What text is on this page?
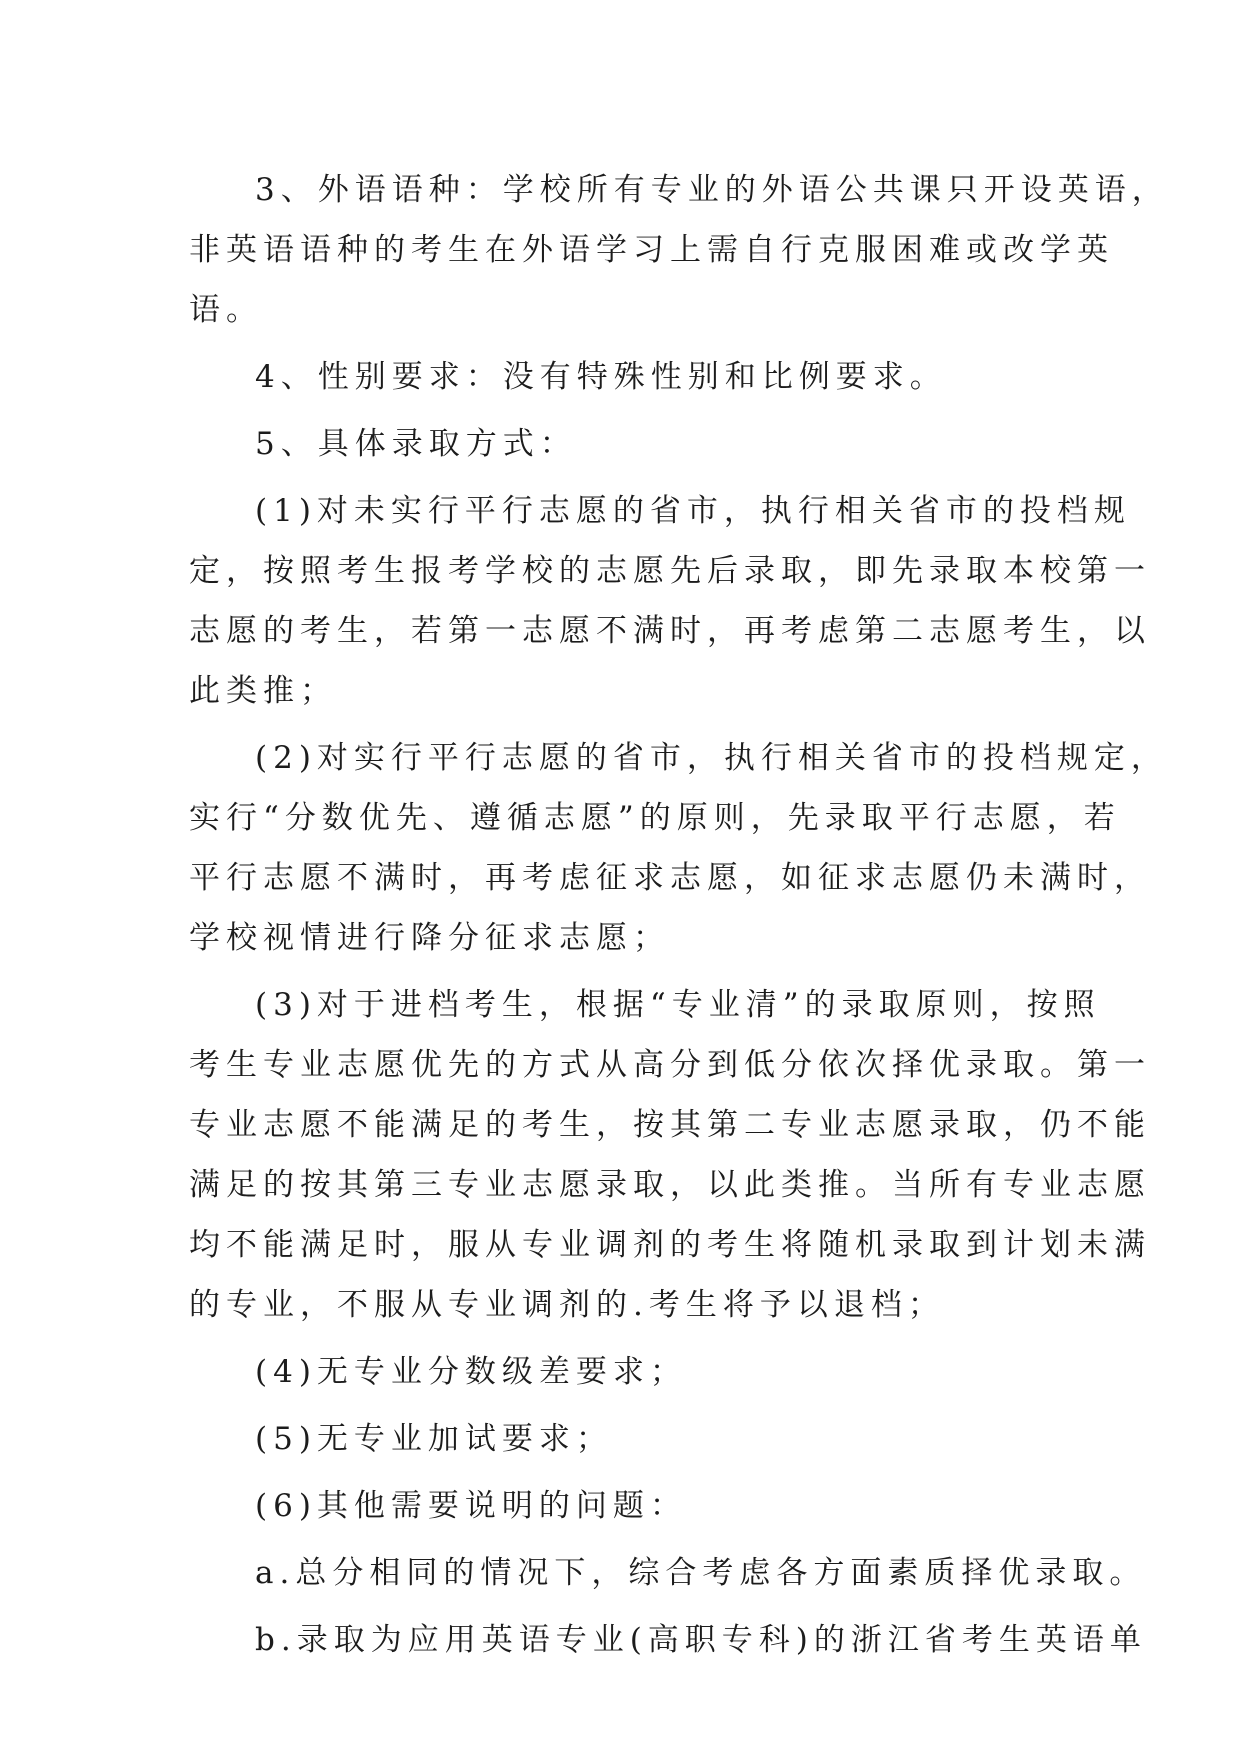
3、外语语种：学校所有专业的外语公共课只开设英语，
非英语语种的考生在外语学习上需自行克服困难或改学英
语。

4、性别要求：没有特殊性别和比例要求。

5、具体录取方式：

(1)对未实行平行志愿的省市，执行相关省市的投档规
定，按照考生报考学校的志愿先后录取，即先录取本校第一
志愿的考生，若第一志愿不满时，再考虑第二志愿考生，以
此类推；

(2)对实行平行志愿的省市，执行相关省市的投档规定，
实行“分数优先、遵循志愿”的原则，先录取平行志愿，若
平行志愿不满时，再考虑征求志愿，如征求志愿仍未满时，
学校视情进行降分征求志愿；

(3)对于进档考生，根据“专业清”的录取原则，按照
考生专业志愿优先的方式从高分到低分依次择优录取。第一
专业志愿不能满足的考生，按其第二专业志愿录取，仍不能
满足的按其第三专业志愿录取，以此类推。当所有专业志愿
均不能满足时，服从专业调剂的考生将随机录取到计划未满
的专业，不服从专业调剂的.考生将予以退档；

(4)无专业分数级差要求；

(5)无专业加试要求；

(6)其他需要说明的问题：

a.总分相同的情况下，综合考虑各方面素质择优录取。

b.录取为应用英语专业(高职专科)的浙江省考生英语单
